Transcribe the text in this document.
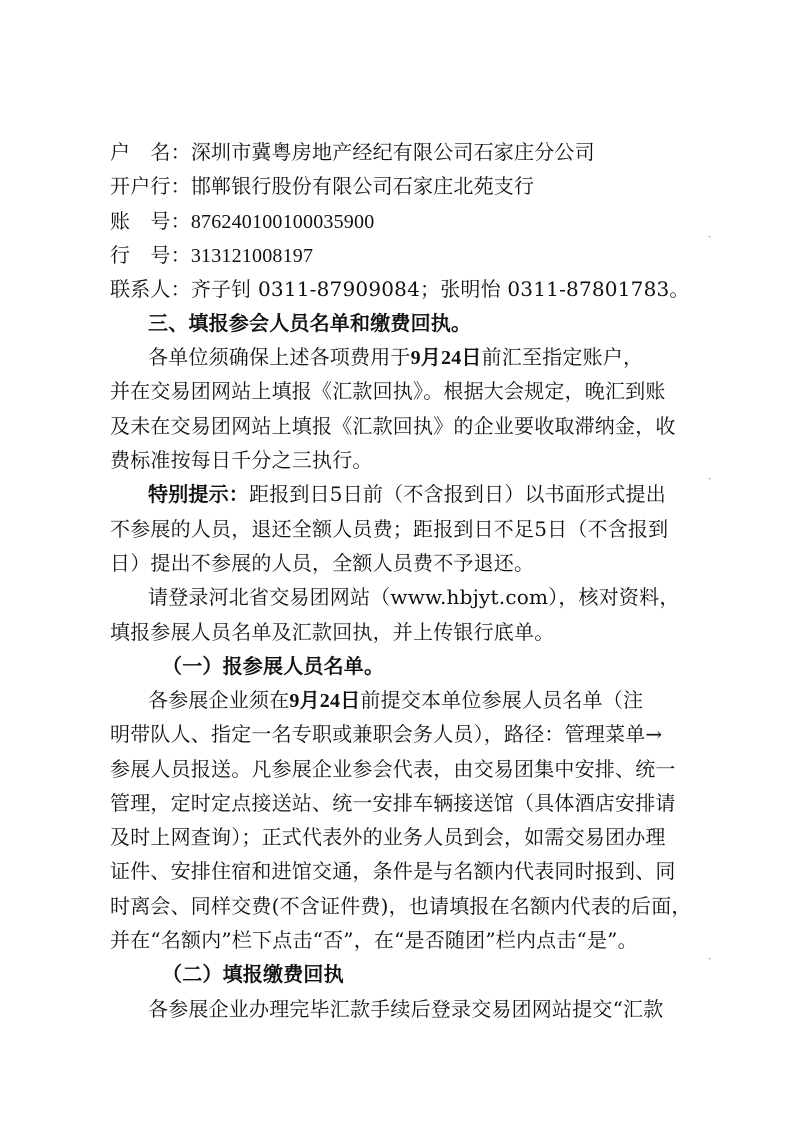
户　名：深圳市冀粤房地产经纪有限公司石家庄分公司
开户行：邯郸银行股份有限公司石家庄北苑支行
账　号：876240100100035900
行　号：313121008197
联系人：齐子钊 0311-87909084；张明怡 0311-87801783。
三、填报参会人员名单和缴费回执。
各单位须确保上述各项费用于9月24日前汇至指定账户，
并在交易团网站上填报《汇款回执》。根据大会规定，晚汇到账
及未在交易团网站上填报《汇款回执》的企业要收取滞纳金，收
费标准按每日千分之三执行。
特别提示：距报到日5日前（不含报到日）以书面形式提出
不参展的人员，退还全额人员费；距报到日不足5日（不含报到
日）提出不参展的人员，全额人员费不予退还。
请登录河北省交易团网站（www.hbjyt.com），核对资料，
填报参展人员名单及汇款回执，并上传银行底单。
（一）报参展人员名单。
各参展企业须在9月24日前提交本单位参展人员名单（注
明带队人、指定一名专职或兼职会务人员），路径：管理菜单→
参展人员报送。凡参展企业参会代表，由交易团集中安排、统一
管理，定时定点接送站、统一安排车辆接送馆（具体酒店安排请
及时上网查询）；正式代表外的业务人员到会，如需交易团办理
证件、安排住宿和进馆交通，条件是与名额内代表同时报到、同
时离会、同样交费(不含证件费)，也请填报在名额内代表的后面，
并在“名额内”栏下点击“否”，在“是否随团”栏内点击“是”。
（二）填报缴费回执
各参展企业办理完毕汇款手续后登录交易团网站提交“汇款
ˏ
ˏ
ˏ
